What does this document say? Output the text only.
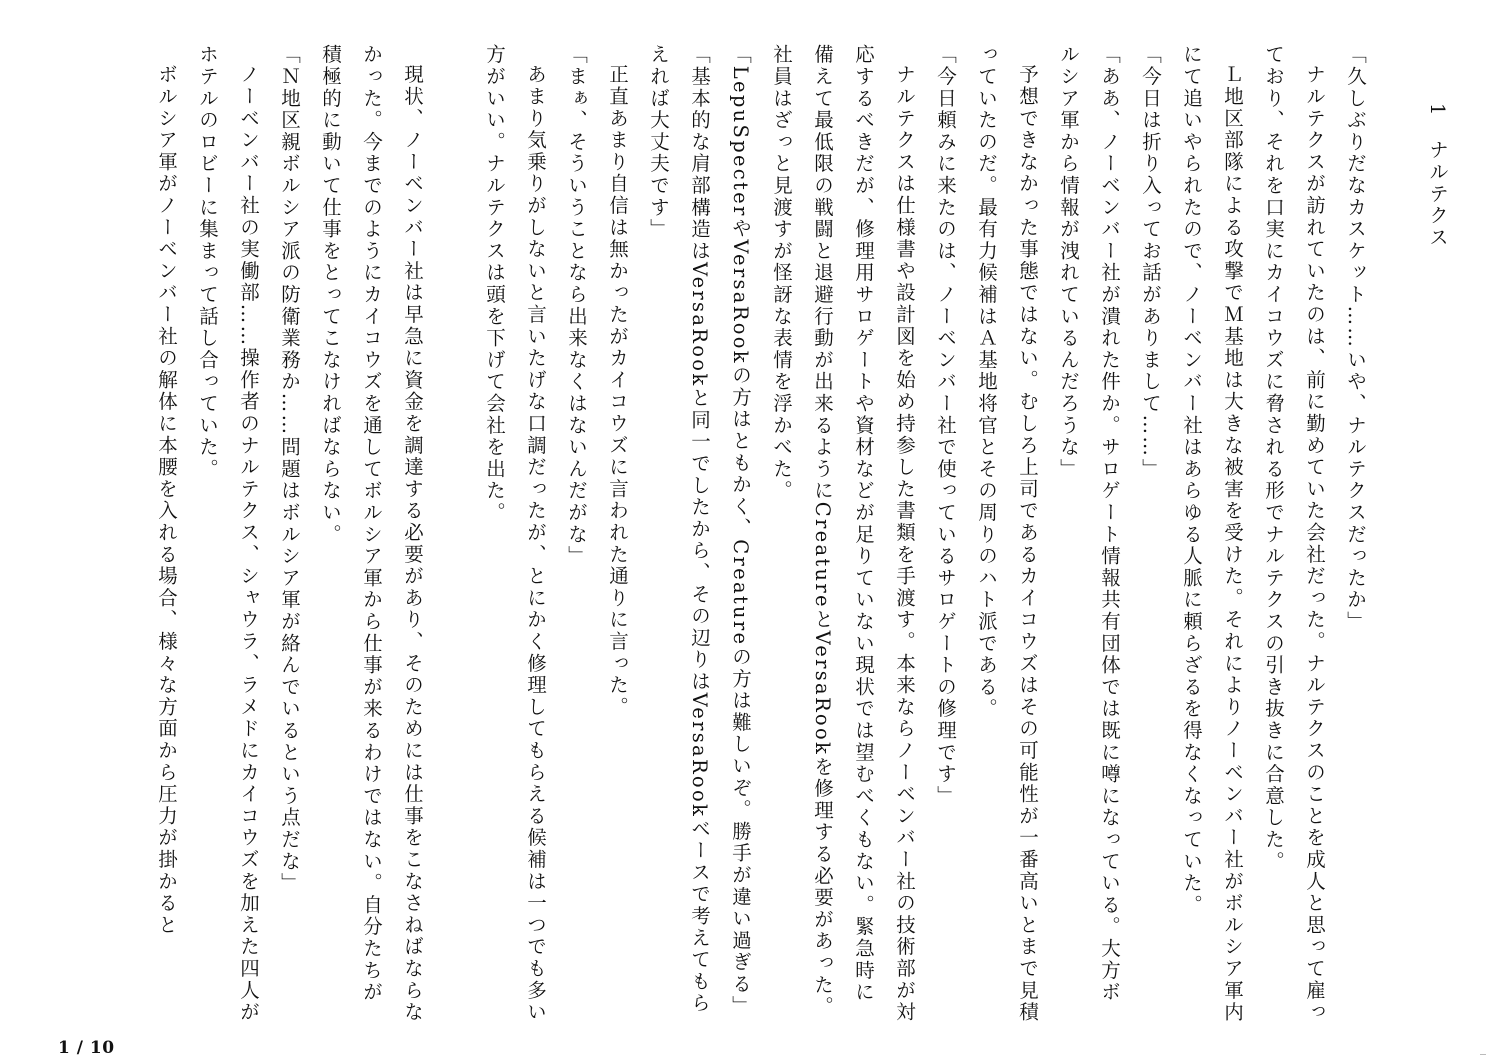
1　ナルテクス

「久しぶりだなカスケット……いや、ナルテクスだったか」

ナルテクスが訪れていたのは、前に勤めていた会社だった。ナルテクスのことを成人と思って雇っており、それを口実にカイコウズに脅される形でナルテクスの引き抜きに合意した。

Ｌ地区部隊による攻撃でＭ基地は大きな被害を受けた。それによりノーベンバー社がボルシア軍内にて追いやられたので、ノーベンバー社はあらゆる人脈に頼らざるを得なくなっていた。

「今日は折り入ってお話がありまして……」

「ああ、ノーベンバー社が潰れた件か。サロゲート情報共有団体では既に噂になっている。大方ボルシア軍から情報が洩れているんだろうな」

予想できなかった事態ではない。むしろ上司であるカイコウズはその可能性が一番高いとまで見積っていたのだ。最有力候補はＡ基地将官とその周りのハト派である。

「今日頼みに来たのは、ノーベンバー社で使っているサロゲートの修理です」

ナルテクスは仕様書や設計図を始め持参した書類を手渡す。本来ならノーベンバー社の技術部が対応するべきだが、修理用サロゲートや資材などが足りていない現状では望むべくもない。緊急時に備えて最低限の戦闘と退避行動が出来るようにCreatureとVersaRookを修理する必要があった。社員はざっと見渡すが怪訝な表情を浮かべた。

「LepuSpecterやVersaRookの方はともかく、Creatureの方は難しいぞ。勝手が違い過ぎる」

「基本的な肩部構造はVersaRookと同一でしたから、その辺りはVersaRookベースで考えてもらえれば大丈夫です」

正直あまり自信は無かったがカイコウズに言われた通りに言った。

「まぁ、そういうことなら出来なくはないんだがな」

あまり気乗りがしないと言いたげな口調だったが、とにかく修理してもらえる候補は一つでも多い方がいい。ナルテクスは頭を下げて会社を出た。

現状、ノーベンバー社は早急に資金を調達する必要があり、そのためには仕事をこなさねばならなかった。今までのようにカイコウズを通してボルシア軍から仕事が来るわけではない。自分たちが積極的に動いて仕事をとってこなければならない。

「Ｎ地区親ボルシア派の防衛業務か……問題はボルシア軍が絡んでいるという点だな」

ノーベンバー社の実働部……操作者のナルテクス、シャウラ、ラメドにカイコウズを加えた四人がホテルのロビーに集まって話し合っていた。

ボルシア軍がノーベンバー社の解体に本腰を入れる場合、様々な方面から圧力が掛かると

1 / 10
